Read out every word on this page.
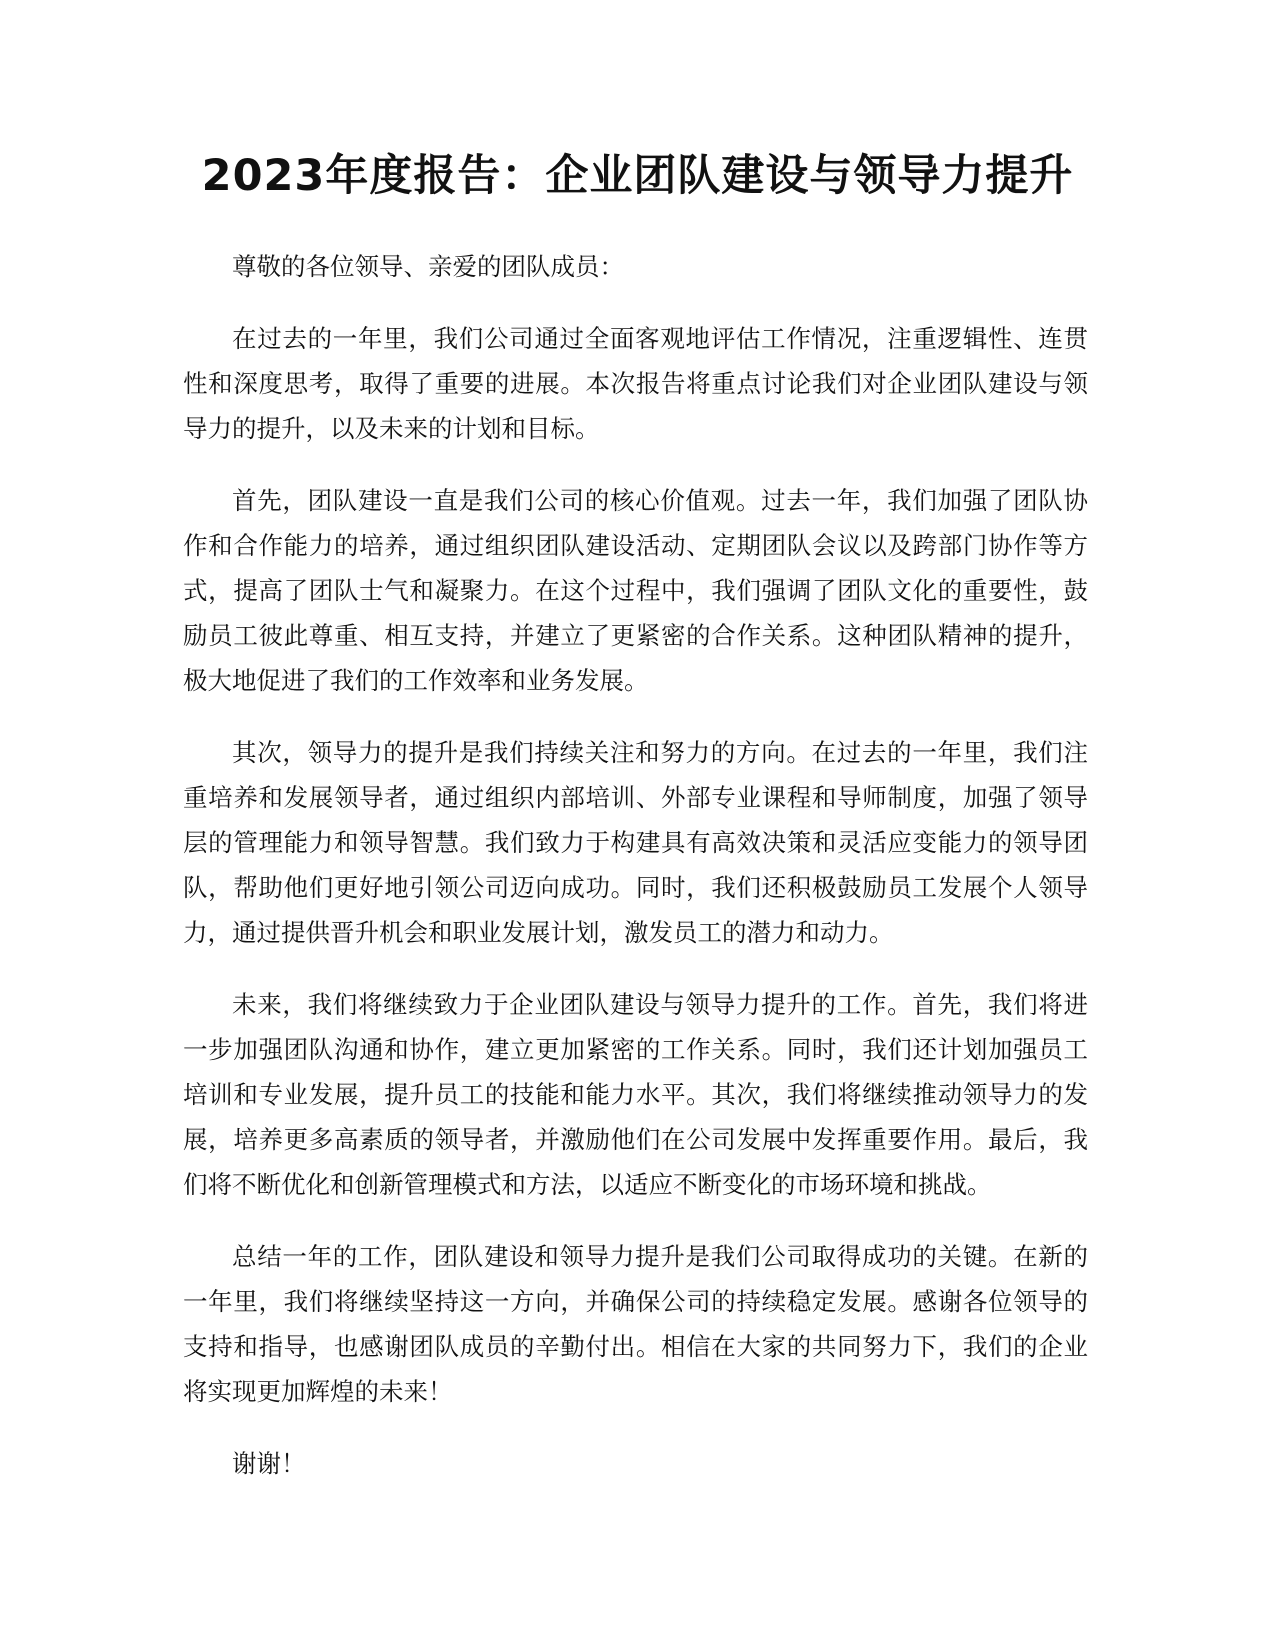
2023年度报告：企业团队建设与领导力提升

尊敬的各位领导、亲爱的团队成员：

在过去的一年里，我们公司通过全面客观地评估工作情况，注重逻辑性、连贯性和深度思考，取得了重要的进展。本次报告将重点讨论我们对企业团队建设与领导力的提升，以及未来的计划和目标。

首先，团队建设一直是我们公司的核心价值观。过去一年，我们加强了团队协作和合作能力的培养，通过组织团队建设活动、定期团队会议以及跨部门协作等方式，提高了团队士气和凝聚力。在这个过程中，我们强调了团队文化的重要性，鼓励员工彼此尊重、相互支持，并建立了更紧密的合作关系。这种团队精神的提升，极大地促进了我们的工作效率和业务发展。

其次，领导力的提升是我们持续关注和努力的方向。在过去的一年里，我们注重培养和发展领导者，通过组织内部培训、外部专业课程和导师制度，加强了领导层的管理能力和领导智慧。我们致力于构建具有高效决策和灵活应变能力的领导团队，帮助他们更好地引领公司迈向成功。同时，我们还积极鼓励员工发展个人领导力，通过提供晋升机会和职业发展计划，激发员工的潜力和动力。

未来，我们将继续致力于企业团队建设与领导力提升的工作。首先，我们将进一步加强团队沟通和协作，建立更加紧密的工作关系。同时，我们还计划加强员工培训和专业发展，提升员工的技能和能力水平。其次，我们将继续推动领导力的发展，培养更多高素质的领导者，并激励他们在公司发展中发挥重要作用。最后，我们将不断优化和创新管理模式和方法，以适应不断变化的市场环境和挑战。

总结一年的工作，团队建设和领导力提升是我们公司取得成功的关键。在新的一年里，我们将继续坚持这一方向，并确保公司的持续稳定发展。感谢各位领导的支持和指导，也感谢团队成员的辛勤付出。相信在大家的共同努力下，我们的企业将实现更加辉煌的未来！

谢谢！
